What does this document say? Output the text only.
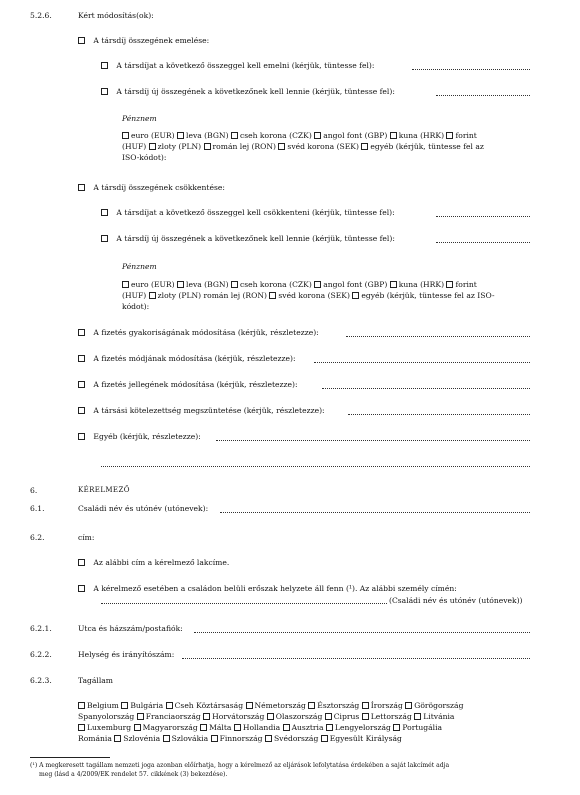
5.2.6.	Kért módosítás(ok):
A társdíj összegének emelése:
A társdíjat a következő összeggel kell emelni (kérjük, tüntesse fel):
A társdíj új összegének a következőnek kell lennie (kérjük, tüntesse fel):
Pénznem
euro (EUR) leva (BGN) cseh korona (CZK) angol font (GBP) kuna (HRK) forint
(HUF) zloty (PLN) román lej (RON) svéd korona (SEK) egyéb (kérjük, tüntesse fel az
ISO-kódot):
A társdíj összegének csökkentése:
A társdíjat a következő összeggel kell csökkenteni (kérjük, tüntesse fel):
A társdíj új összegének a következőnek kell lennie (kérjük, tüntesse fel):
Pénznem
euro (EUR) leva (BGN) cseh korona (CZK) angol font (GBP) kuna (HRK) forint
(HUF) zloty (PLN) román lej (RON) svéd korona (SEK) egyéb (kérjük, tüntesse fel az ISO-
kódot):
A fizetés gyakoriságának módosítása (kérjük, részletezze):
A fizetés módjának módosítása (kérjük, részletezze):
A fizetés jellegének módosítása (kérjük, részletezze):
A társási kötelezettség megszüntetése (kérjük, részletezze):
Egyéb (kérjük, részletezze):
6.	KÉRELMEZŐ
6.1.	Családi név és utónév (utónevek):
6.2.	cím:
Az alábbi cím a kérelmező lakcíme.
A kérelmező esetében a családon belüli erőszak helyzete áll fenn (¹). Az alábbi személy címén:
(Családi név és utónév (utónevek))
6.2.1.	Utca és házszám/postafiók:
6.2.2.	Helység és irányítószám:
6.2.3.	Tagállam
Belgium Bulgária Cseh Köztársaság Németország Észtország Írország Görögország
Spanyolország Franciaország Horvátország Olaszország Ciprus Lettország Litvánia
Luxemburg Magyarország Málta Hollandia Ausztria Lengyelország Portugália
Románia Szlovénia Szlovákia Finnország Svédország Egyesült Királyság
(¹) A megkeresett tagállam nemzeti joga azonban előírhatja, hogy a kérelmező az eljárások lefolytatása érdekében a saját lakcímét adja
meg (lásd a 4/2009/EK rendelet 57. cikkének (3) bekezdése).
